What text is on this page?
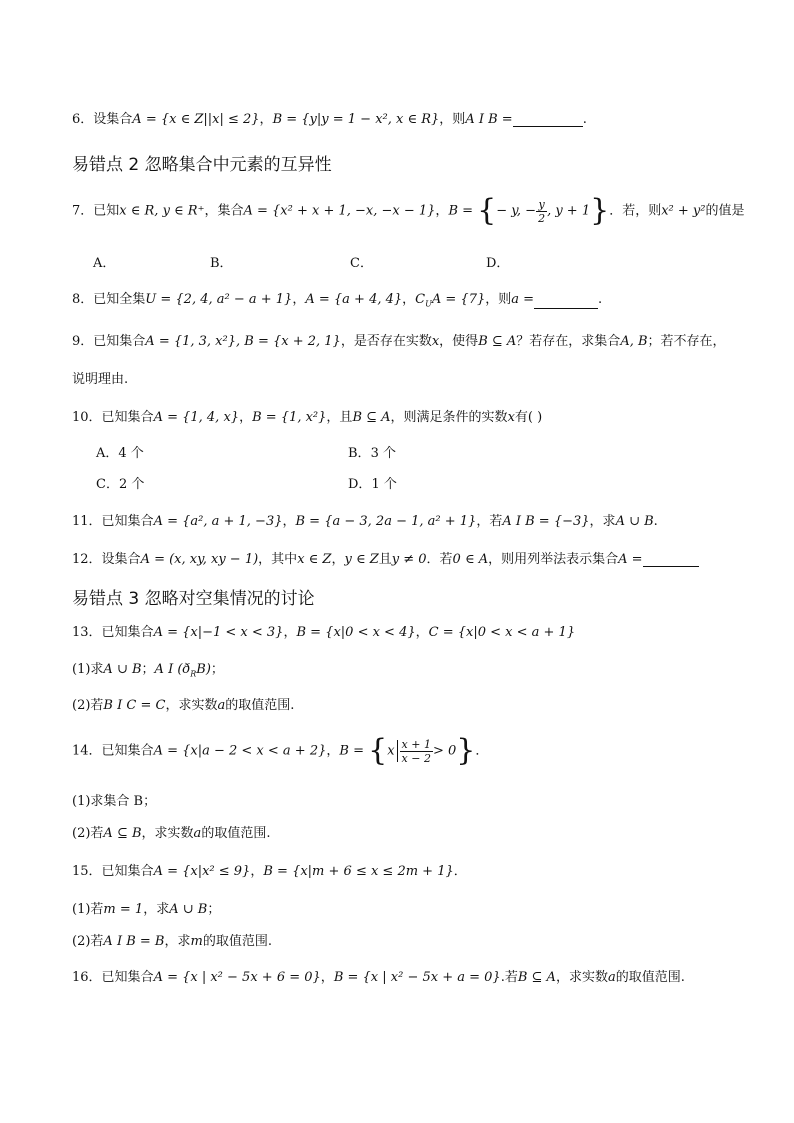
6．设集合A = {x ∈ Z||x| ≤ 2}，B = {y|y = 1 − x², x ∈ R}，则A I B =	.
易错点 2 忽略集合中元素的互异性
7．已知x ∈ R, y ∈ R⁺，集合A = {x² + x + 1, −x, −x − 1}，B = {− y, − $\frac{y}{2}$ , y + 1}．若，则x² + y²的值是
A．	B．	C．	D．
8．已知全集U = {2, 4, a² − a + 1}，A = {a + 4, 4}，$C_UA = \{7\}$，则a =	.
9．已知集合A = {1, 3, x²}, B = {x + 2, 1}，是否存在实数x，使得B ⊆ A？若存在，求集合A, B；若不存在，
说明理由.
10．已知集合A = {1, 4, x}，B = {1, x²}，且B ⊆ A，则满足条件的实数x有( )
A．4 个	B．3 个
C．2 个	D．1 个
11．已知集合A = {a², a + 1, −3}，B = {a − 3, 2a − 1, a² + 1}，若A I B = {−3}，求A ∪ B.
12．设集合A = (x, xy, xy − 1)，其中x ∈ Z，y ∈ Z且y ≠ 0．若0 ∈ A，则用列举法表示集合A =
易错点 3 忽略对空集情况的讨论
13．已知集合A = {x|−1 < x < 3}，B = {x|0 < x < 4}，C = {x|0 < x < a + 1}
(1)求A ∪ B；A I $(ð_RB)$；
(2)若B I C = C，求实数a的取值范围.
14．已知集合A = {x|a − 2 < x < a + 2}，$B = \{x \frac{x + 1}{x - 2} > 0\}$．
(1)求集合 B；
(2)若A ⊆ B，求实数a的取值范围.
15．已知集合A = {x|x² ≤ 9}，B = {x|m + 6 ≤ x ≤ 2m + 1}．
(1)若m = 1，求A ∪ B；
(2)若A I B = B，求m的取值范围.
16．已知集合A = {x | x² − 5x + 6 = 0}，B = {x | x² − 5x + a = 0}.若B ⊆ A，求实数a的取值范围.
